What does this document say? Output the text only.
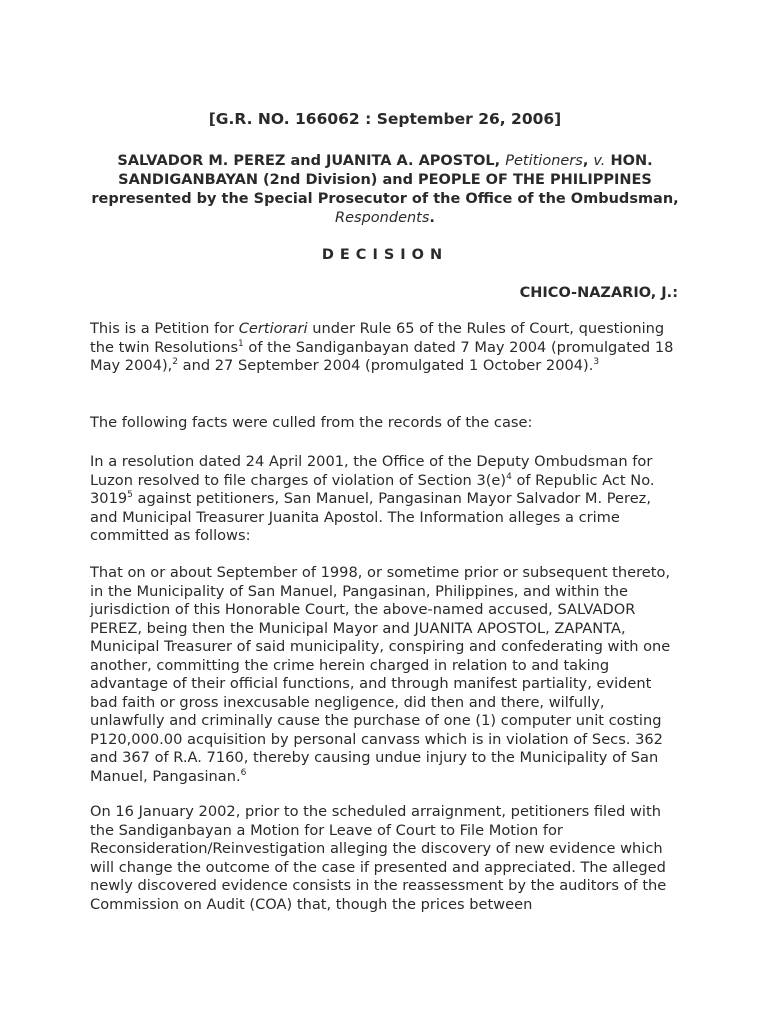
[G.R. NO. 166062 : September 26, 2006]
SALVADOR M. PEREZ and JUANITA A. APOSTOL, Petitioners, v. HON. SANDIGANBAYAN (2nd Division) and PEOPLE OF THE PHILIPPINES represented by the Special Prosecutor of the Office of the Ombudsman, Respondents.
DECISION
CHICO-NAZARIO, J.:

This is a Petition for Certiorari under Rule 65 of the Rules of Court, questioning the twin Resolutions$^1$ of the Sandiganbayan dated 7 May 2004 (promulgated 18 May 2004),$^2$ and 27 September 2004 (promulgated 1 October 2004).$^3$

The following facts were culled from the records of the case:

In a resolution dated 24 April 2001, the Office of the Deputy Ombudsman for Luzon resolved to file charges of violation of Section $3(e)^4$ of Republic Act No. 3019$^5$ against petitioners, San Manuel, Pangasinan Mayor Salvador M. Perez, and Municipal Treasurer Juanita Apostol. The Information alleges a crime committed as follows:

That on or about September of 1998, or sometime prior or subsequent thereto, in the Municipality of San Manuel, Pangasinan, Philippines, and within the jurisdiction of this Honorable Court, the above-named accused, SALVADOR PEREZ, being then the Municipal Mayor and JUANITA APOSTOL, ZAPANTA, Municipal Treasurer of said municipality, conspiring and confederating with one another, committing the crime herein charged in relation to and taking advantage of their official functions, and through manifest partiality, evident bad faith or gross inexcusable negligence, did then and there, wilfully, unlawfully and criminally cause the purchase of one (1) computer unit costing P120,000.00 acquisition by personal canvass which is in violation of Secs. 362 and 367 of R.A. 7160, thereby causing undue injury to the Municipality of San Manuel, Pangasinan.$^6$

On 16 January 2002, prior to the scheduled arraignment, petitioners filed with the Sandiganbayan a Motion for Leave of Court to File Motion for Reconsideration/Reinvestigation alleging the discovery of new evidence which will change the outcome of the case if presented and appreciated. The alleged newly discovered evidence consists in the reassessment by the auditors of the Commission on Audit (COA) that, though the prices between
